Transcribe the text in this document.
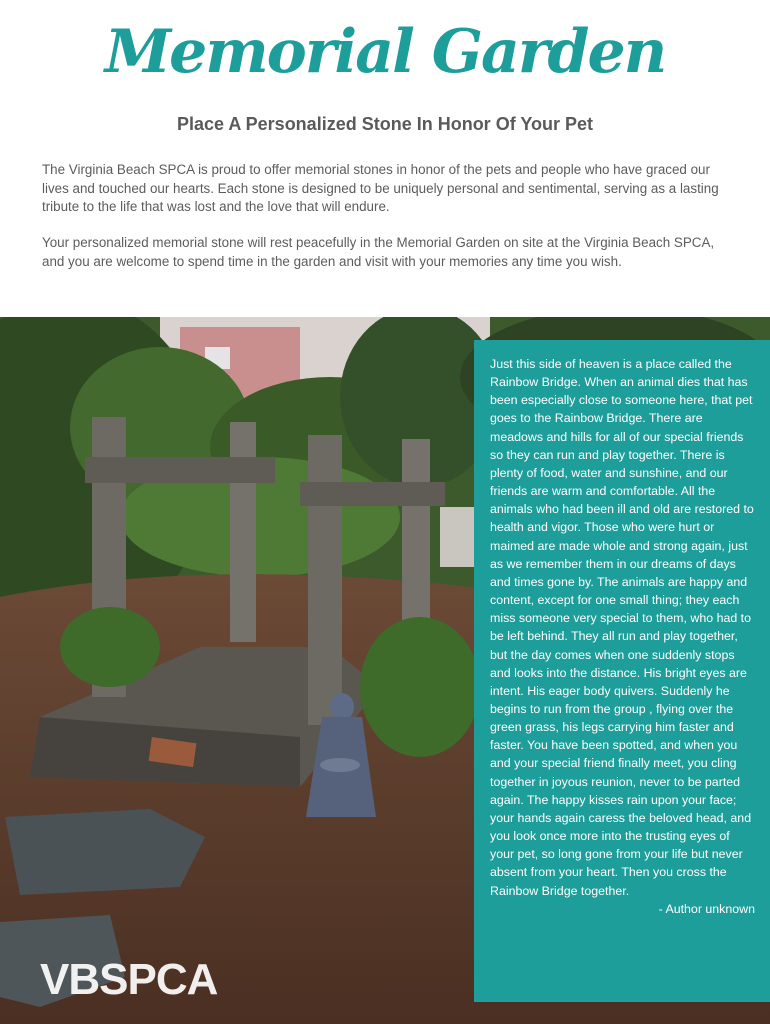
Memorial Garden
Place A Personalized Stone In Honor Of Your Pet

The Virginia Beach SPCA is proud to offer memorial stones in honor of the pets and people who have graced our lives and touched our hearts. Each stone is designed to be uniquely personal and sentimental, serving as a lasting tribute to the life that was lost and the love that will endure.

Your personalized memorial stone will rest peacefully in the Memorial Garden on site at the Virginia Beach SPCA, and you are welcome to spend time in the garden and visit with your memories any time you wish.

Just this side of heaven is a place called the Rainbow Bridge. When an animal dies that has been especially close to someone here, that pet goes to the Rainbow Bridge. There are meadows and hills for all of our special friends so they can run and play together. There is plenty of food, water and sunshine, and our friends are warm and comfortable. All the animals who had been ill and old are restored to health and vigor. Those who were hurt or maimed are made whole and strong again, just as we remember them in our dreams of days and times gone by. The animals are happy and content, except for one small thing; they each miss someone very special to them, who had to be left behind. They all run and play together, but the day comes when one suddenly stops and looks into the distance. His bright eyes are intent. His eager body quivers. Suddenly he begins to run from the group , flying over the green grass, his legs carrying him faster and faster. You have been spotted, and when you and your special friend finally meet, you cling together in joyous reunion, never to be parted again. The happy kisses rain upon your face; your hands again caress the beloved head, and you look once more into the trusting eyes of your pet, so long gone from your life but never absent from your heart. Then you cross the Rainbow Bridge together.

- Author unknown

VBSPCA
